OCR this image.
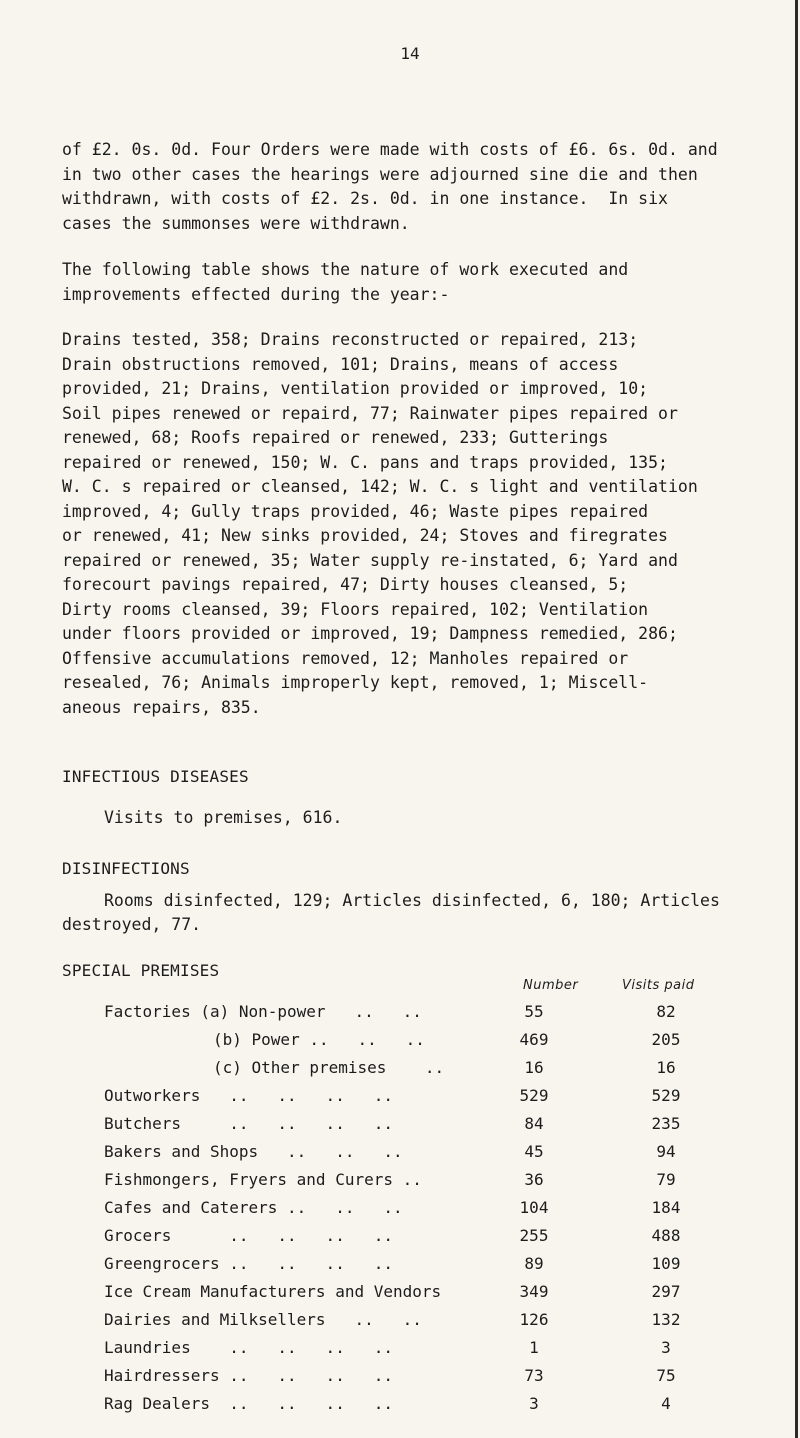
14
of £2. 0s. 0d. Four Orders were made with costs of £6. 6s. 0d. and
in two other cases the hearings were adjourned sine die and then
withdrawn, with costs of £2. 2s. 0d. in one instance.  In six
cases the summonses were withdrawn.
The following table shows the nature of work executed and
improvements effected during the year:-
Drains tested, 358; Drains reconstructed or repaired, 213;
Drain obstructions removed, 101; Drains, means of access
provided, 21; Drains, ventilation provided or improved, 10;
Soil pipes renewed or repaird, 77; Rainwater pipes repaired or
renewed, 68; Roofs repaired or renewed, 233; Gutterings
repaired or renewed, 150; W. C. pans and traps provided, 135;
W. C. s repaired or cleansed, 142; W. C. s light and ventilation
improved, 4; Gully traps provided, 46; Waste pipes repaired
or renewed, 41; New sinks provided, 24; Stoves and firegrates
repaired or renewed, 35; Water supply re-instated, 6; Yard and
forecourt pavings repaired, 47; Dirty houses cleansed, 5;
Dirty rooms cleansed, 39; Floors repaired, 102; Ventilation
under floors provided or improved, 19; Dampness remedied, 286;
Offensive accumulations removed, 12; Manholes repaired or
resealed, 76; Animals improperly kept, removed, 1; Miscell-
aneous repairs, 835.
INFECTIOUS DISEASES
Visits to premises, 616.
DISINFECTIONS
Rooms disinfected, 129; Articles disinfected, 6, 180; Articles
destroyed, 77.
SPECIAL PREMISES
Number	Visits paid
Factories (a) Non-power   ..   ..	55	82
(b) Power ..   ..   ..	469	205
(c) Other premises    ..	16	16
Outworkers   ..   ..   ..   ..	529	529
Butchers     ..   ..   ..   ..	84	235
Bakers and Shops   ..   ..   ..	45	94
Fishmongers, Fryers and Curers ..	36	79
Cafes and Caterers ..   ..   ..	104	184
Grocers      ..   ..   ..   ..	255	488
Greengrocers ..   ..   ..   ..	89	109
Ice Cream Manufacturers and Vendors	349	297
Dairies and Milksellers   ..   ..	126	132
Laundries    ..   ..   ..   ..	1	3
Hairdressers ..   ..   ..   ..	73	75
Rag Dealers  ..   ..   ..   ..	3	4
